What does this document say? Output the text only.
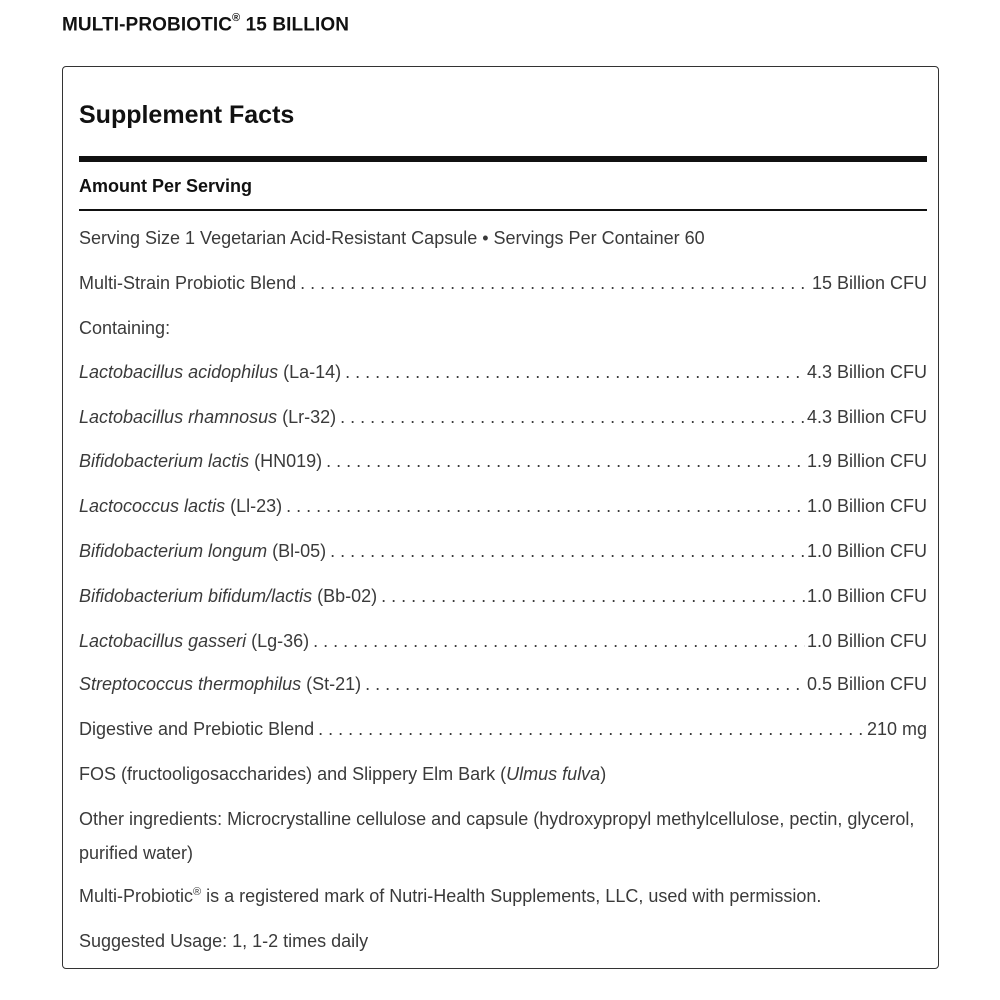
MULTI-PROBIOTIC® 15 BILLION
Supplement Facts
Amount Per Serving
Serving Size 1 Vegetarian Acid-Resistant Capsule • Servings Per Container 60
Multi-Strain Probiotic Blend . . .	15 Billion CFU
Containing:
Lactobacillus acidophilus (La-14) . . .	4.3 Billion CFU
Lactobacillus rhamnosus (Lr-32) . . .	4.3 Billion CFU
Bifidobacterium lactis (HN019) . . .	1.9 Billion CFU
Lactococcus lactis (Ll-23) . . .	1.0 Billion CFU
Bifidobacterium longum (Bl-05) . . .	1.0 Billion CFU
Bifidobacterium bifidum/lactis (Bb-02) . . .	1.0 Billion CFU
Lactobacillus gasseri (Lg-36) . . .	1.0 Billion CFU
Streptococcus thermophilus (St-21) . . .	0.5 Billion CFU
Digestive and Prebiotic Blend . . .	210 mg
FOS (fructooligosaccharides) and Slippery Elm Bark (Ulmus fulva)
Other ingredients: Microcrystalline cellulose and capsule (hydroxypropyl methylcellulose, pectin, glycerol, purified water)
Multi-Probiotic® is a registered mark of Nutri-Health Supplements, LLC, used with permission.
Suggested Usage: 1, 1-2 times daily
